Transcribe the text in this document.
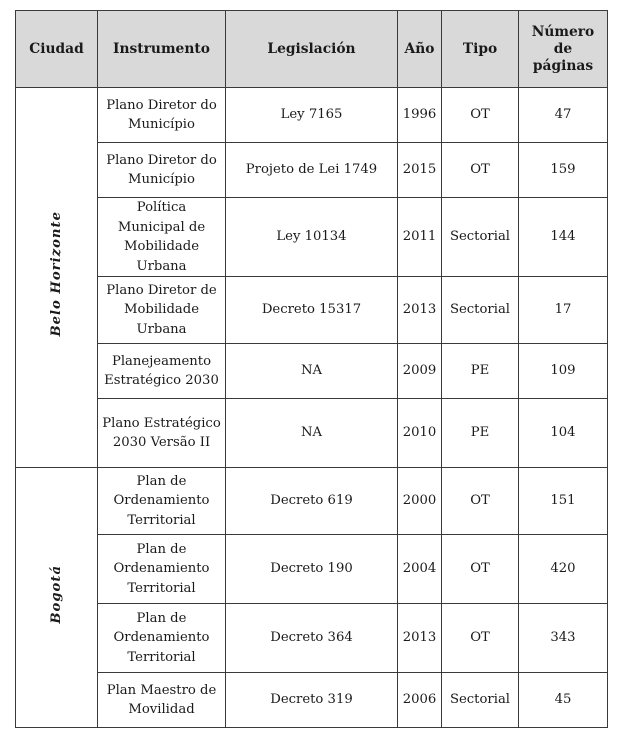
Ciudad	Instrumento	Legislación	Año	Tipo	Número de páginas
Belo Horizonte	Plano Diretor do Município	Ley 7165	1996	OT	47
	Plano Diretor do Município	Projeto de Lei 1749	2015	OT	159
	Política Municipal de Mobilidade Urbana	Ley 10134	2011	Sectorial	144
	Plano Diretor de Mobilidade Urbana	Decreto 15317	2013	Sectorial	17
	Planejeamento Estratégico 2030	NA	2009	PE	109
	Plano Estratégico 2030 Versão II	NA	2010	PE	104
Bogotá	Plan de Ordenamiento Territorial	Decreto 619	2000	OT	151
	Plan de Ordenamiento Territorial	Decreto 190	2004	OT	420
	Plan de Ordenamiento Territorial	Decreto 364	2013	OT	343
	Plan Maestro de Movilidad	Decreto 319	2006	Sectorial	45
